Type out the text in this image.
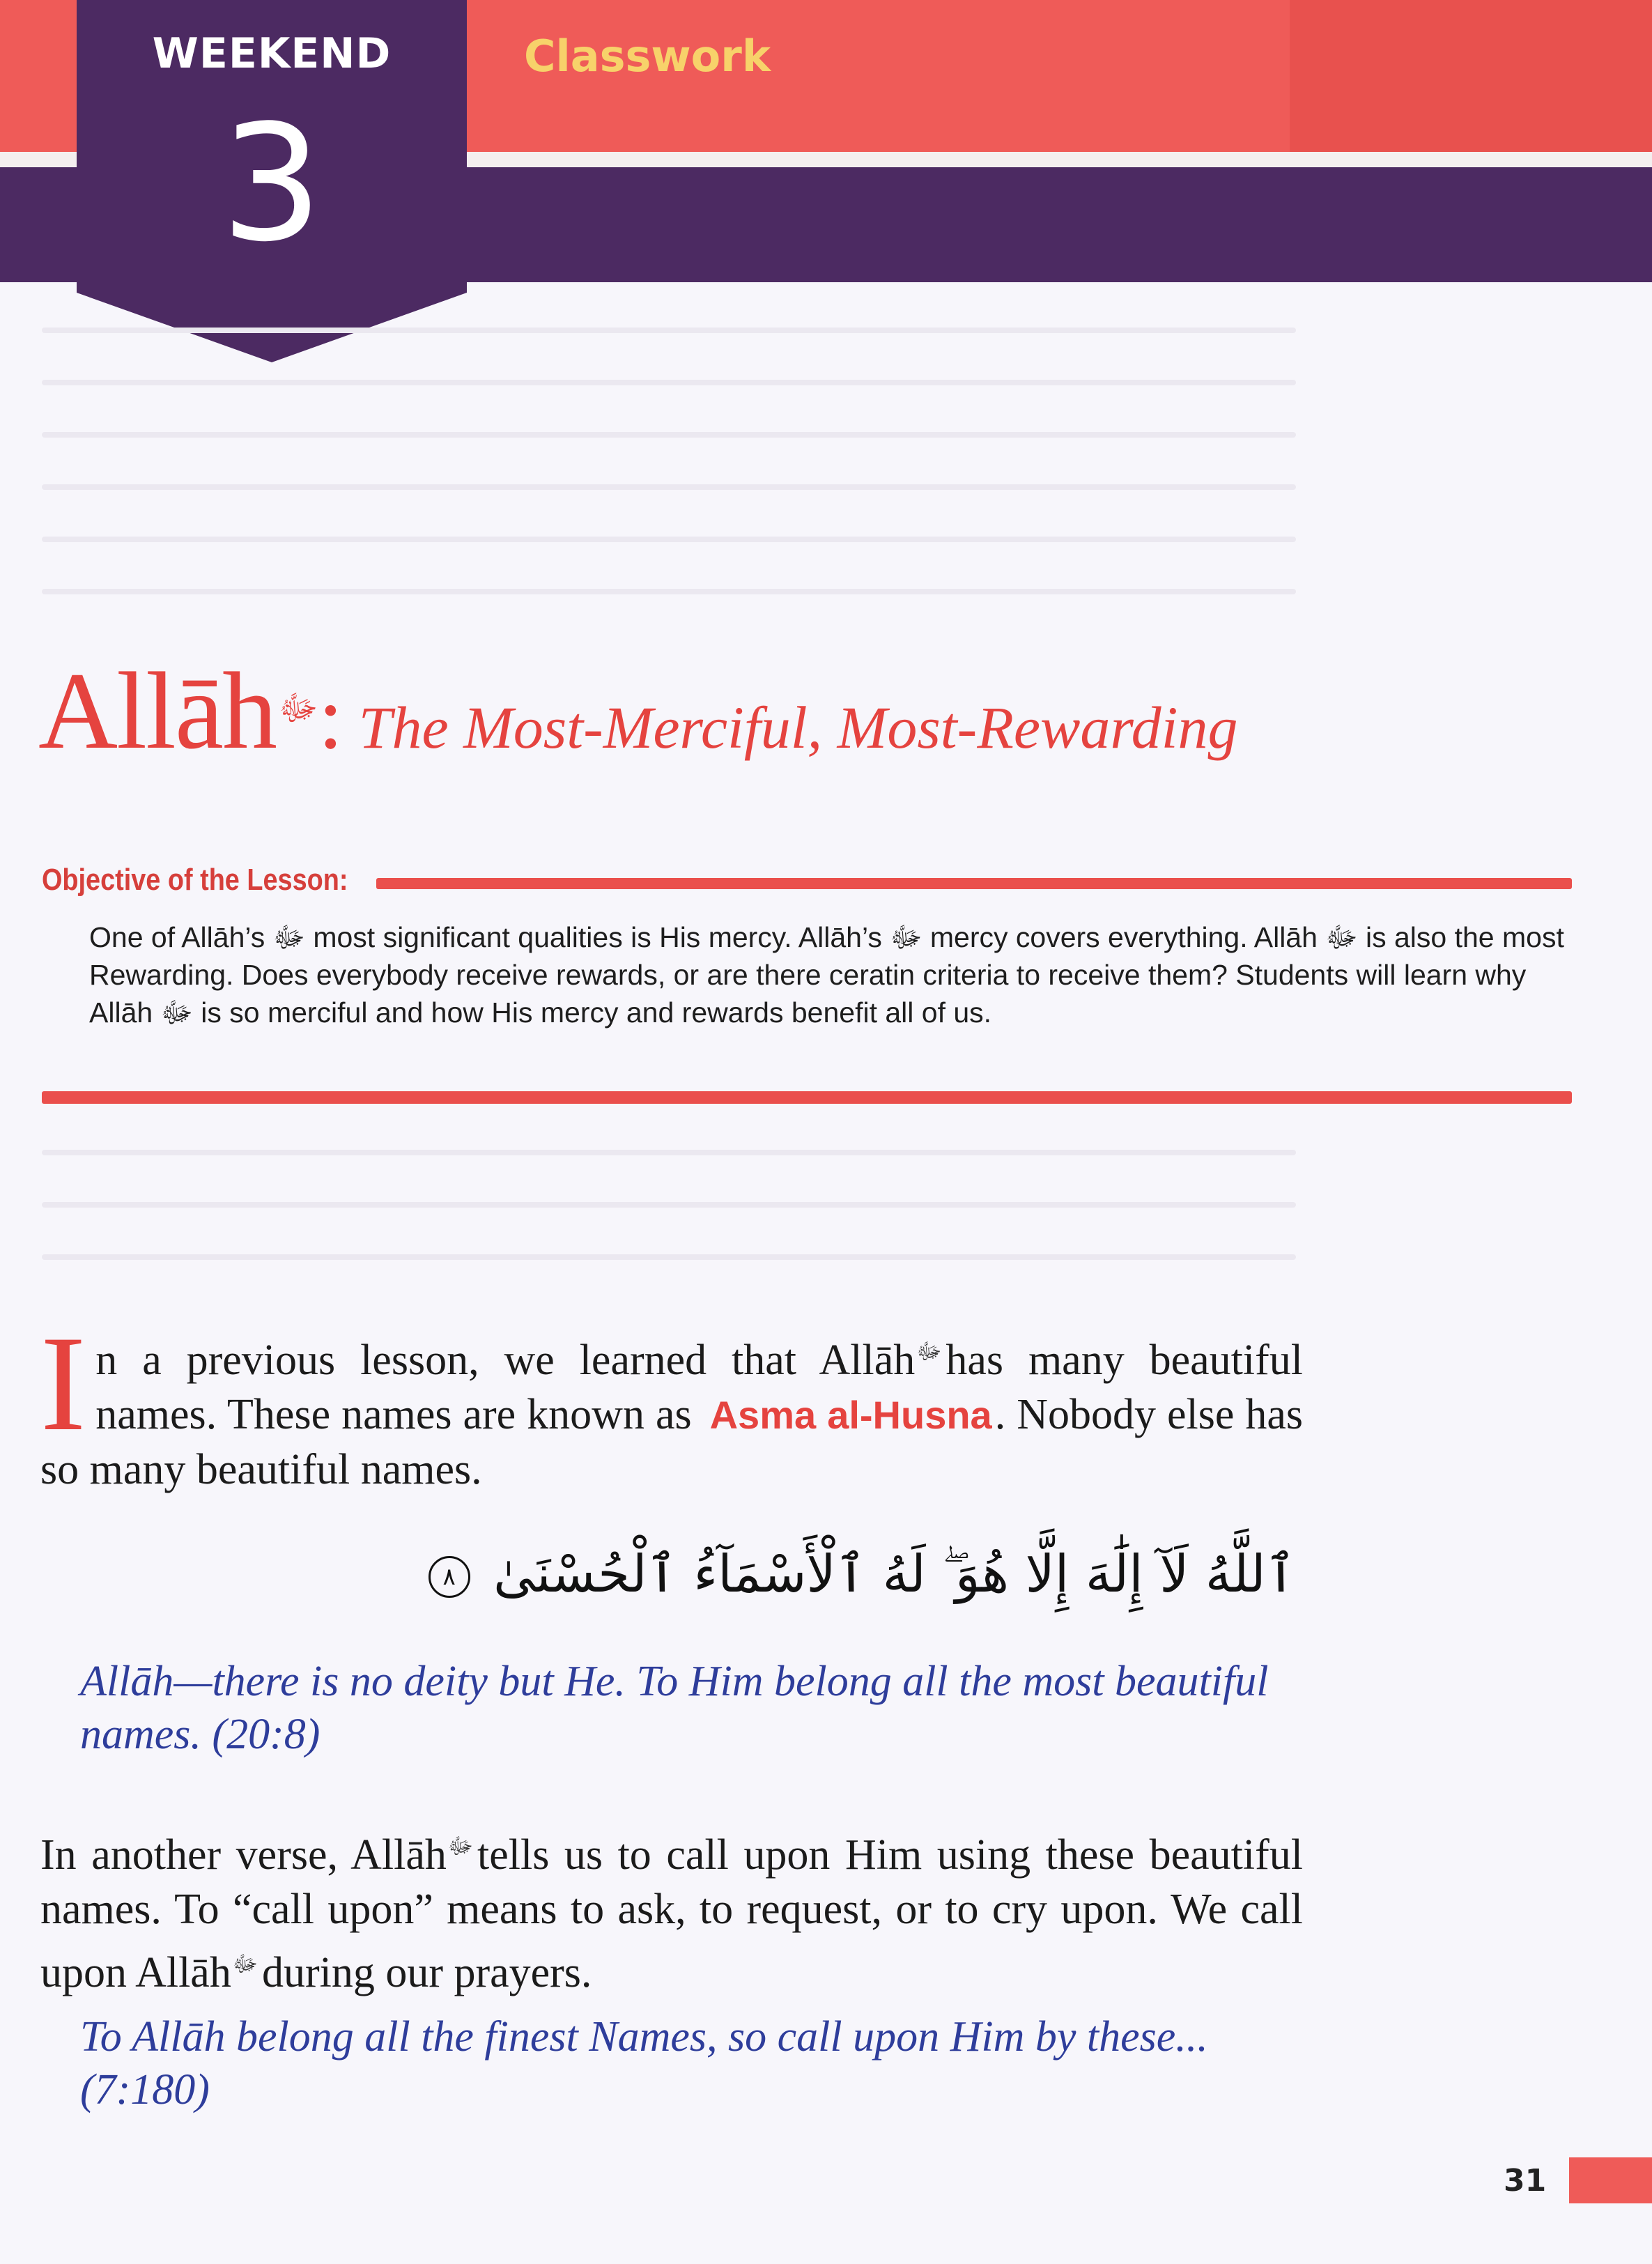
WEEKEND
3
Classwork
Allāhﷻ: The Most-Merciful, Most-Rewarding
Objective of the Lesson:
One of Allāh’s ﷻ most significant qualities is His mercy. Allāh’s ﷻ mercy covers everything. Allāh ﷻ is also the most Rewarding. Does everybody receive rewards, or are there ceratin criteria to receive them? Students will learn why Allāh ﷻ is so merciful and how His mercy and rewards benefit all of us.
In a previous lesson, we learned that Allāh$^ﷻ$has many beautiful names. These names are known as Asma al-Husna. Nobody else has so many beautiful names.
ٱللَّهُ لَآ إِلَٰهَ إِلَّا هُوَ ۖ لَهُ ٱلْأَسْمَآءُ ٱلْحُسْنَىٰ ٨
Allāh—there is no deity but He. To Him belong all the most beautiful names. (20:8)
In another verse, Allāh$^ﷻ$tells us to call upon Him using these beautiful names. To “call upon” means to ask, to request, or to cry upon. We call upon Allāh$^ﷻ$during our prayers.
To Allāh belong all the finest Names, so call upon Him by these... (7:180)
31
